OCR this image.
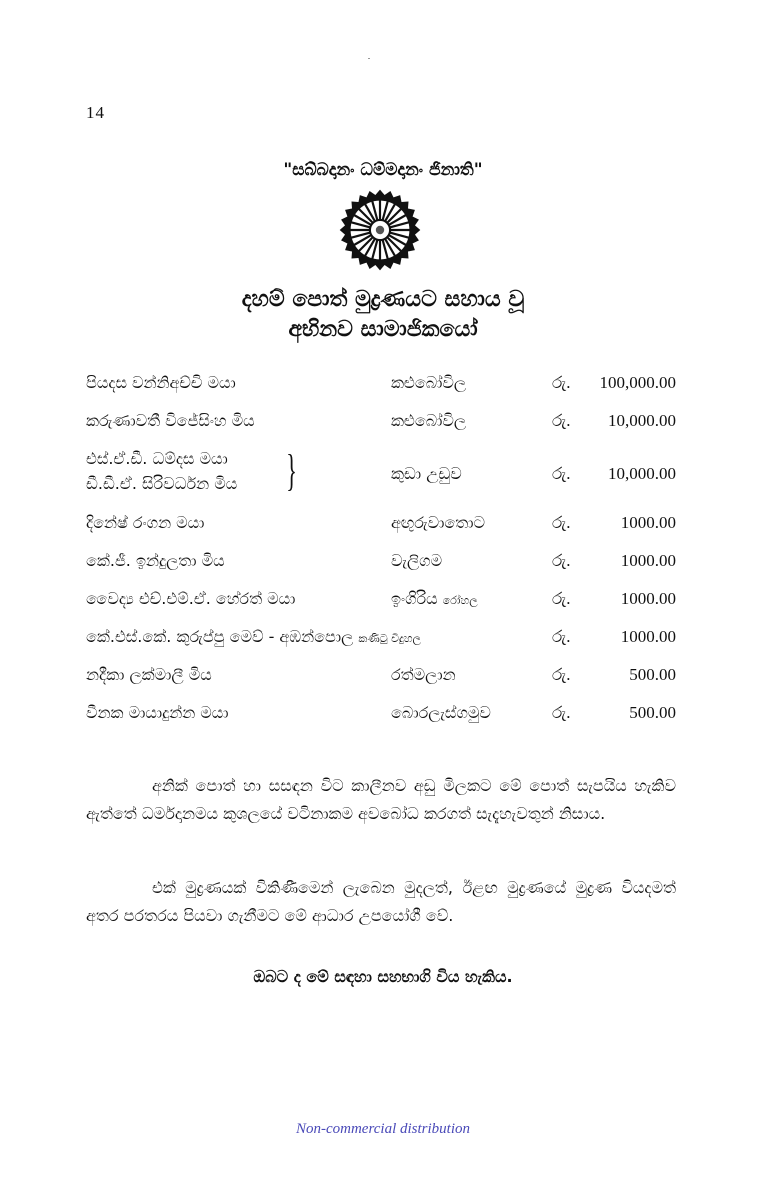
14
"සබ්බදානං ධම්මදානං ජිනාති"
දහම් පොත් මුද්‍රණයට සහාය වූ
අභිනව සාමාජිකයෝ
පියදස වන්නිඅච්චි මයා	කළුබෝවිල	රු. 100,000.00
කරුණාවතී විජේසිංහ මිය	කළුබෝවිල	රු. 10,000.00
එස්.ඒ.ඩී. ධම්දස මයා
ඩී.ඩී.ඒ. සිරිවර්ධන මිය }	කුඩා උඩුව	රු. 10,000.00
දිනේෂ් රංගන මයා	අඟුරුවාතොට	රු.	1000.00
කේ.ජී. ඉන්දුලතා මිය	වැලිගම	රු.	1000.00
වෛද්‍ය එච්.එම්.ඒ. හේරත් මයා	ඉංගිරිය රෝහල	රු.	1000.00
කේ.එස්.කේ. කුරුප්පු මෙව් - අඹන්පොල කණිටු විදුහල	රු.	1000.00
නදීකා ලක්මාලී මිය	රත්මලාන	රු.	500.00
වීනක මායාදුන්න මයා	බොරලැස්ගමුව	රු.	500.00

අනික් පොත් හා සසඳන විට කාලීනව අඩු මිලකට මේ පොත් සැපයිය හැකිව ඇත්තේ ධර්මදානමය කුශලයේ වටිනාකම අවබෝධ කරගත් සැදැහැවතුන් නිසාය.

එක් මුද්‍රණයක් විකිණීමෙන් ලැබෙන මුදලත්, ඊළඟ මුද්‍රණයේ මුද්‍රණ වියදමත් අතර පරතරය පියවා ගැනීමට මේ ආධාර උපයෝගී වේ.

ඔබට ද මේ සඳහා සහභාගි විය හැකිය.
Non-commercial distribution
